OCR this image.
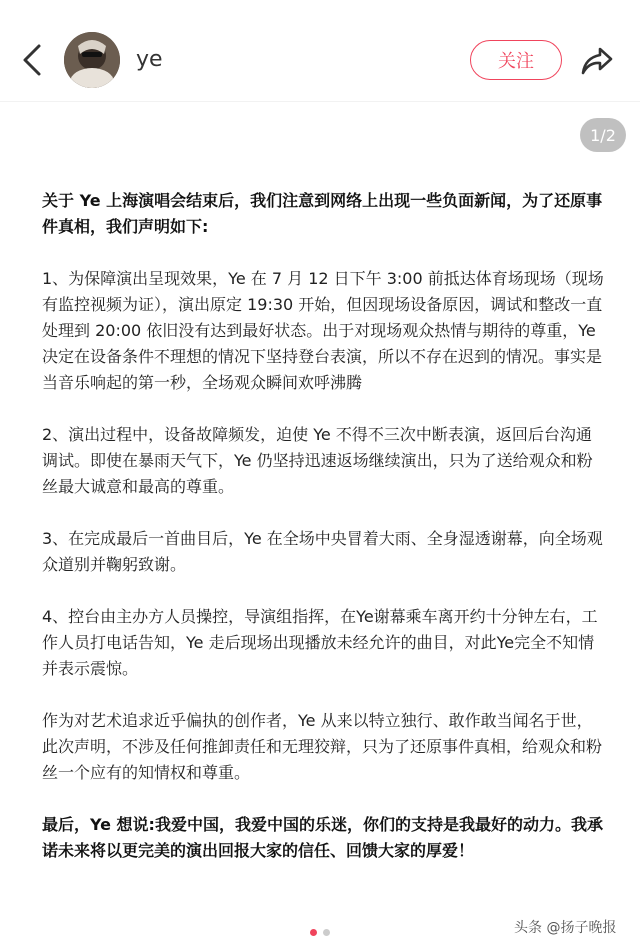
ye	关注
1/2

关于 Ye 上海演唱会结束后，我们注意到网络上出现一些负面新闻，为了还原事件真相，我们声明如下:

1、为保障演出呈现效果，Ye 在 7 月 12 日下午 3:00 前抵达体育场现场（现场有监控视频为证），演出原定 19:30 开始，但因现场设备原因，调试和整改一直处理到 20:00 依旧没有达到最好状态。出于对现场观众热情与期待的尊重，Ye 决定在设备条件不理想的情况下坚持登台表演，所以不存在迟到的情况。事实是当音乐响起的第一秒，全场观众瞬间欢呼沸腾

2、演出过程中，设备故障频发，迫使 Ye 不得不三次中断表演，返回后台沟通调试。即使在暴雨天气下，Ye 仍坚持迅速返场继续演出，只为了送给观众和粉丝最大诚意和最高的尊重。

3、在完成最后一首曲目后，Ye 在全场中央冒着大雨、全身湿透谢幕，向全场观众道别并鞠躬致谢。

4、控台由主办方人员操控，导演组指挥，在Ye谢幕乘车离开约十分钟左右，工作人员打电话告知，Ye 走后现场出现播放未经允许的曲目，对此Ye完全不知情并表示震惊。

作为对艺术追求近乎偏执的创作者，Ye 从来以特立独行、敢作敢当闻名于世，此次声明，不涉及任何推卸责任和无理狡辩，只为了还原事件真相，给观众和粉丝一个应有的知情权和尊重。

最后，Ye 想说:我爱中国，我爱中国的乐迷，你们的支持是我最好的动力。我承诺未来将以更完美的演出回报大家的信任、回馈大家的厚爱！

头条 @扬子晚报
